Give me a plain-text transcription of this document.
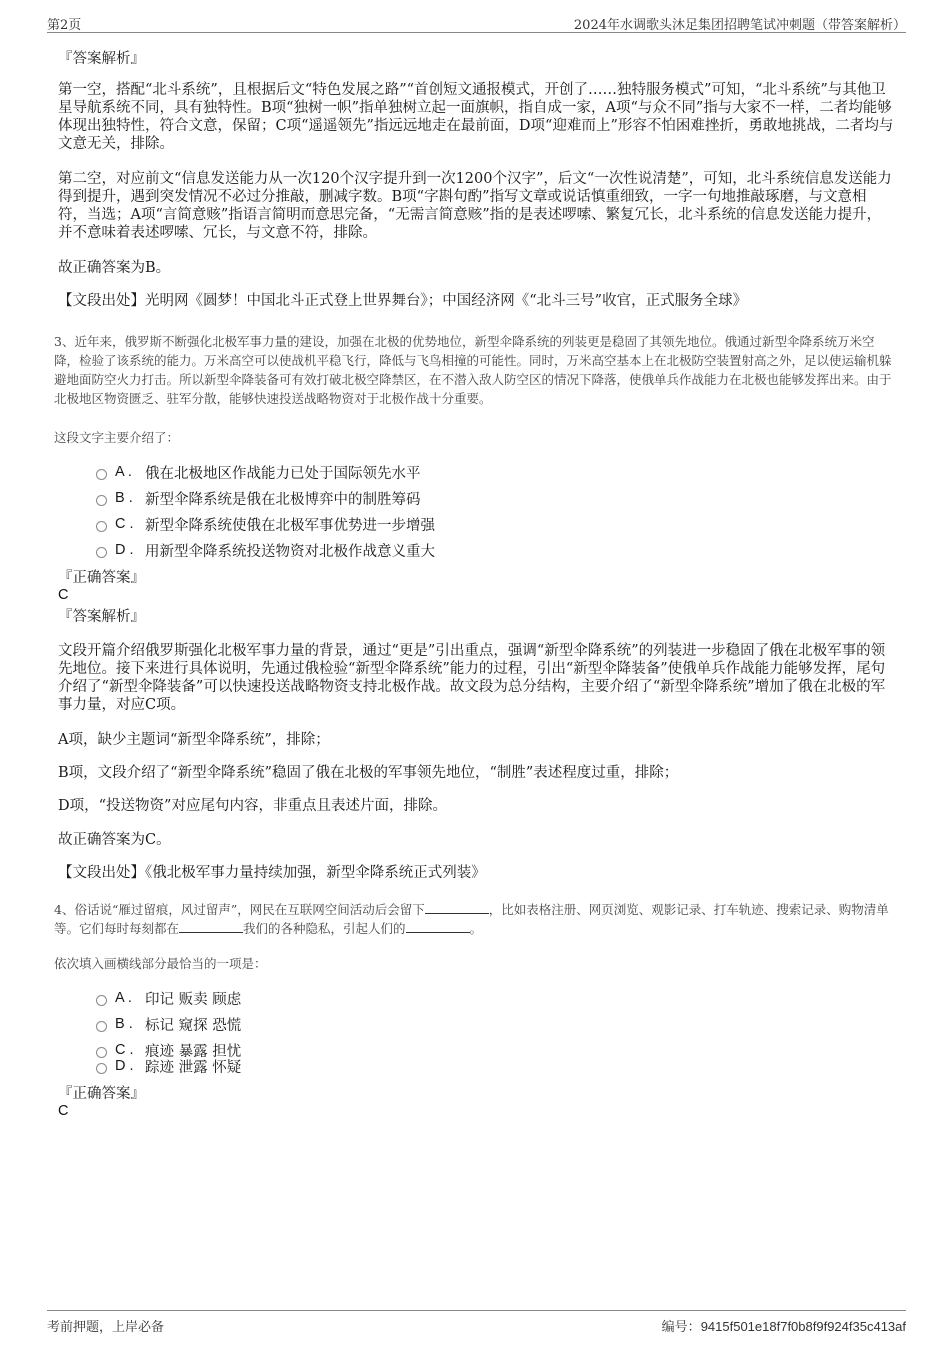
第2页	2024年水调歌头沐足集团招聘笔试冲刺题（带答案解析）
『答案解析』
第一空，搭配“北斗系统”，且根据后文“特色发展之路”“首创短文通报模式，开创了……独特服务模式”可知，“北斗系统”与其他卫星导航系统不同，具有独特性。B项“独树一帜”指单独树立起一面旗帜，指自成一家，A项“与众不同”指与大家不一样，二者均能够体现出独特性，符合文意，保留；C项“遥遥领先”指远远地走在最前面，D项“迎难而上”形容不怕困难挫折，勇敢地挑战，二者均与文意无关，排除。
第二空，对应前文“信息发送能力从一次120个汉字提升到一次1200个汉字”，后文“一次性说清楚”，可知，北斗系统信息发送能力得到提升，遇到突发情况不必过分推敲，删减字数。B项“字斟句酌”指写文章或说话慎重细致，一字一句地推敲琢磨，与文意相符，当选；A项“言简意赅”指语言简明而意思完备，“无需言简意赅”指的是表述啰嗦、繁复冗长，北斗系统的信息发送能力提升，并不意味着表述啰嗦、冗长，与文意不符，排除。
故正确答案为B。
【文段出处】光明网《圆梦！中国北斗正式登上世界舞台》；中国经济网《“北斗三号”收官，正式服务全球》
3、近年来，俄罗斯不断强化北极军事力量的建设，加强在北极的优势地位，新型伞降系统的列装更是稳固了其领先地位。俄通过新型伞降系统万米空降，检验了该系统的能力。万米高空可以使战机平稳飞行，降低与飞鸟相撞的可能性。同时，万米高空基本上在北极防空装置射高之外，足以使运输机躲避地面防空火力打击。所以新型伞降装备可有效打破北极空降禁区，在不潜入敌人防空区的情况下降落，使俄单兵作战能力在北极也能够发挥出来。由于北极地区物资匮乏、驻军分散，能够快速投送战略物资对于北极作战十分重要。
这段文字主要介绍了：
A . 俄在北极地区作战能力已处于国际领先水平
B . 新型伞降系统是俄在北极博弈中的制胜筹码
C . 新型伞降系统使俄在北极军事优势进一步增强
D . 用新型伞降系统投送物资对北极作战意义重大
『正确答案』
C
『答案解析』
文段开篇介绍俄罗斯强化北极军事力量的背景，通过“更是”引出重点，强调“新型伞降系统”的列装进一步稳固了俄在北极军事的领先地位。接下来进行具体说明，先通过俄检验“新型伞降系统”能力的过程，引出“新型伞降装备”使俄单兵作战能力能够发挥，尾句介绍了“新型伞降装备”可以快速投送战略物资支持北极作战。故文段为总分结构，主要介绍了“新型伞降系统”增加了俄在北极的军事力量，对应C项。
A项，缺少主题词“新型伞降系统”，排除；
B项，文段介绍了“新型伞降系统”稳固了俄在北极的军事领先地位，“制胜”表述程度过重，排除；
D项，“投送物资”对应尾句内容，非重点且表述片面，排除。
故正确答案为C。
【文段出处】《俄北极军事力量持续加强，新型伞降系统正式列装》
4、俗话说“雁过留痕，风过留声”，网民在互联网空间活动后会留下	，比如表格注册、网页浏览、观影记录、打车轨迹、搜索记录、购物清单等。它们每时每刻都在	我们的各种隐私，引起人们的	。
依次填入画横线部分最恰当的一项是：
A . 印记 贩卖 顾虑
B . 标记 窥探 恐慌
C . 痕迹 暴露 担忧
D . 踪迹 泄露 怀疑
『正确答案』
C
考前押题，上岸必备	编号：9415f501e18f7f0b8f9f924f35c413af
